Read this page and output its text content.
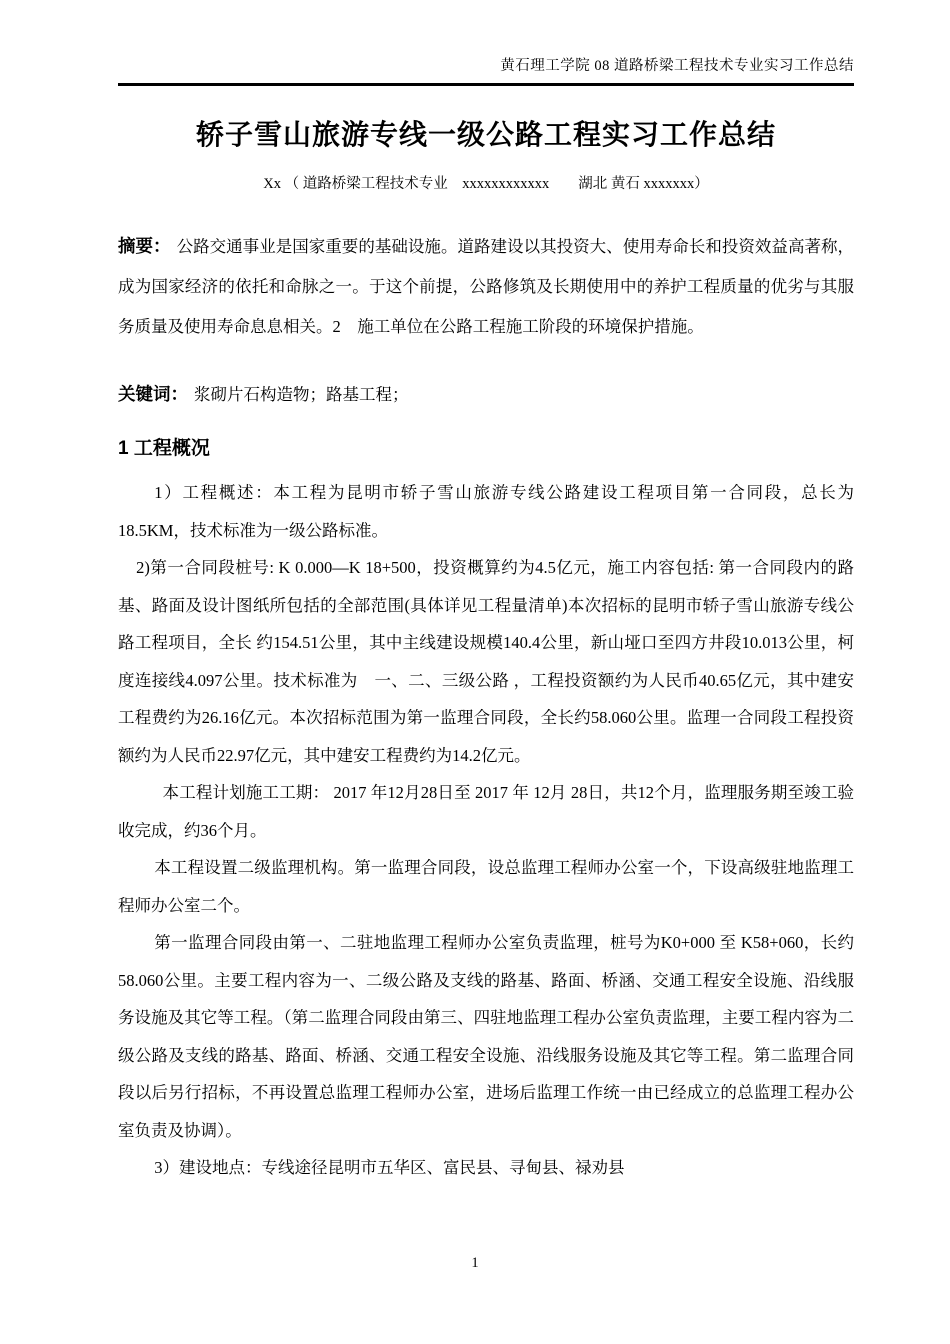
黄石理工学院 08 道路桥梁工程技术专业实习工作总结
轿子雪山旅游专线一级公路工程实习工作总结
Xx （ 道路桥梁工程技术专业　xxxxxxxxxxxx　　湖北 黄石 xxxxxxx）

摘要： 公路交通事业是国家重要的基础设施。道路建设以其投资大、使用寿命长和投资效益高著称，成为国家经济的依托和命脉之一。于这个前提，公路修筑及长期使用中的养护工程质量的优劣与其服务质量及使用寿命息息相关。2　施工单位在公路工程施工阶段的环境保护措施。

关键词： 浆砌片石构造物；路基工程；

1 工程概况

1）工程概述：本工程为昆明市轿子雪山旅游专线公路建设工程项目第一合同段，总长为18.5KM，技术标准为一级公路标准。

2)第一合同段桩号: K 0.000—K 18+500，投资概算约为4.5亿元，施工内容包括: 第一合同段内的路基、路面及设计图纸所包括的全部范围(具体详见工程量清单)本次招标的昆明市轿子雪山旅游专线公路工程项目，全长 约154.51公里，其中主线建设规模140.4公里，新山垭口至四方井段10.013公里，柯度连接线4.097公里。技术标准为　一、二、三级公路 ，工程投资额约为人民币40.65亿元，其中建安工程费约为26.16亿元。本次招标范围为第一监理合同段，全长约58.060公里。监理一合同段工程投资额约为人民币22.97亿元，其中建安工程费约为14.2亿元。

本工程计划施工工期： 2017 年12月28日至 2017 年 12月 28日，共12个月，监理服务期至竣工验收完成，约36个月。

本工程设置二级监理机构。第一监理合同段，设总监理工程师办公室一个，下设高级驻地监理工程师办公室二个。

第一监理合同段由第一、二驻地监理工程师办公室负责监理，桩号为K0+000 至 K58+060，长约58.060公里。主要工程内容为一、二级公路及支线的路基、路面、桥涵、交通工程安全设施、沿线服务设施及其它等工程。（第二监理合同段由第三、四驻地监理工程办公室负责监理，主要工程内容为二级公路及支线的路基、路面、桥涵、交通工程安全设施、沿线服务设施及其它等工程。第二监理合同段以后另行招标，不再设置总监理工程师办公室，进场后监理工作统一由已经成立的总监理工程办公室负责及协调）。

3）建设地点：专线途径昆明市五华区、富民县、寻甸县、禄劝县

1
